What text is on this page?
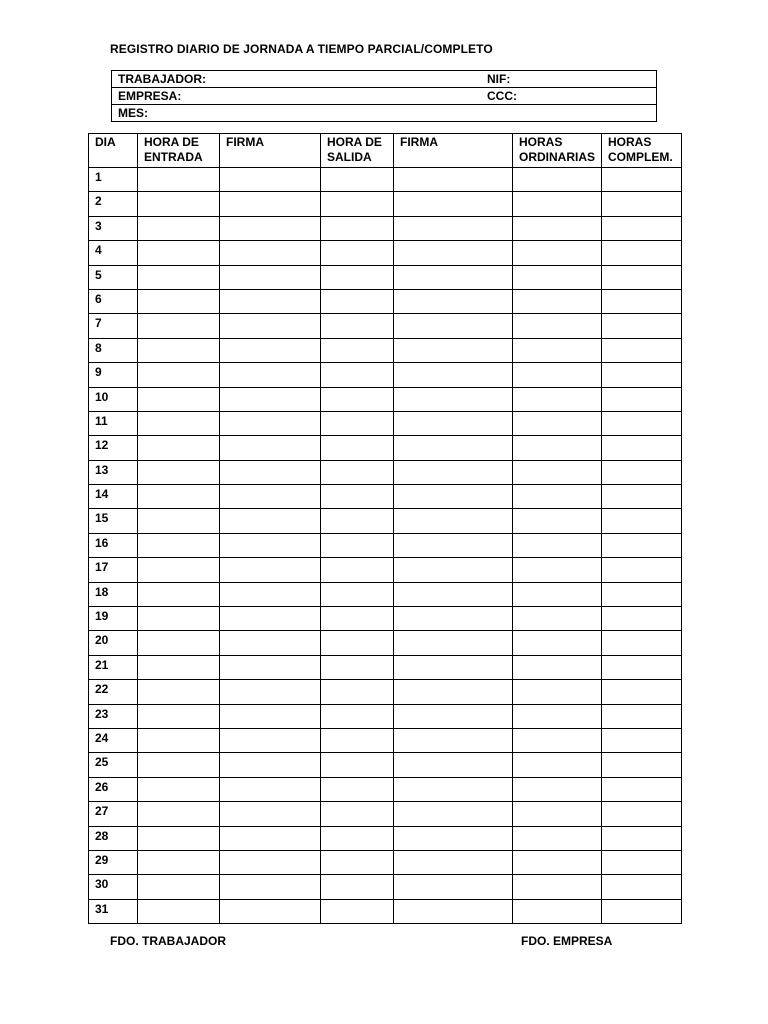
REGISTRO DIARIO DE JORNADA A TIEMPO PARCIAL/COMPLETO
TRABAJADOR:	NIF:
EMPRESA:	CCC:
MES:
DIA	HORA DE ENTRADA	FIRMA	HORA DE SALIDA	FIRMA	HORAS ORDINARIAS	HORAS COMPLEM.
1						
2						
3						
4						
5						
6						
7						
8						
9						
10						
11						
12						
13						
14						
15						
16						
17						
18						
19						
20						
21						
22						
23						
24						
25						
26						
27						
28						
29						
30						
31						
FDO. TRABAJADOR	FDO. EMPRESA
